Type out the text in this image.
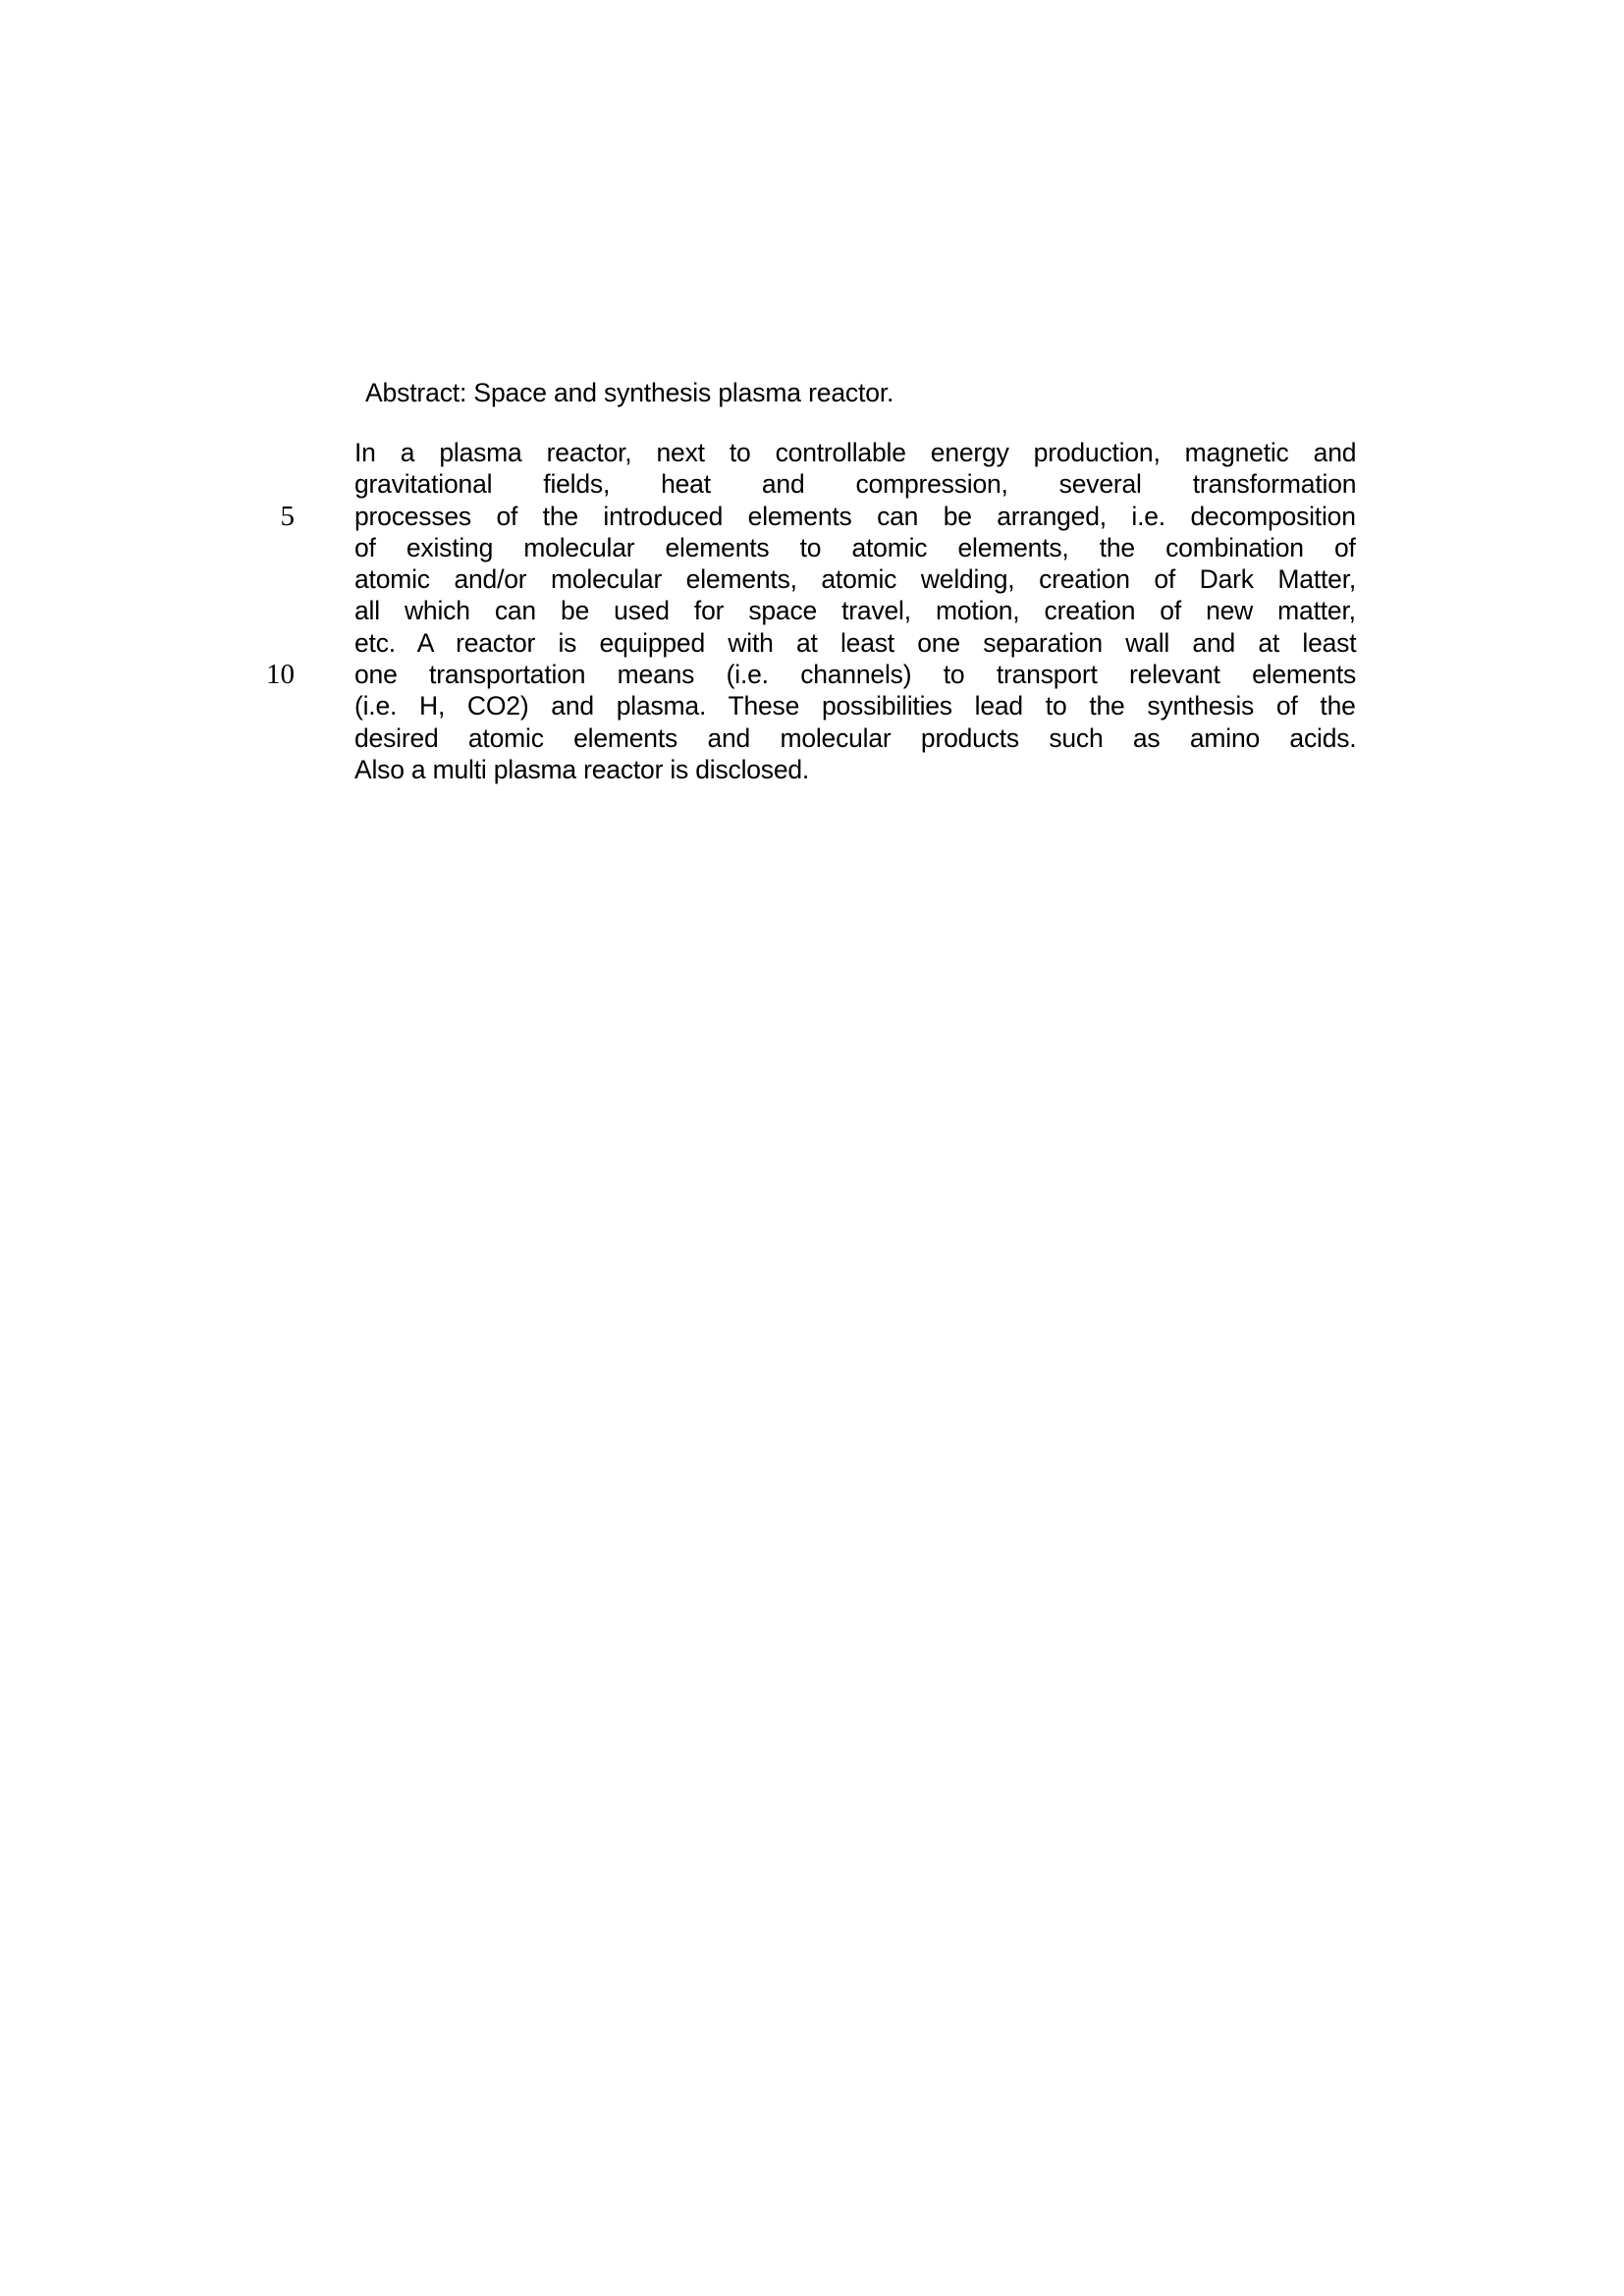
Abstract: Space and synthesis plasma reactor.
5
10
In a plasma reactor, next to controllable energy production, magnetic and
gravitational fields, heat and compression, several transformation
processes of the introduced elements can be arranged, i.e. decomposition
of existing molecular elements to atomic elements, the combination of
atomic and/or molecular elements, atomic welding, creation of Dark Matter,
all which can be used for space travel, motion, creation of new matter,
etc. A reactor is equipped with at least one separation wall and at least
one transportation means (i.e. channels) to transport relevant elements
(i.e. H, CO2) and plasma. These possibilities lead to the synthesis of the
desired atomic elements and molecular products such as amino acids.
Also a multi plasma reactor is disclosed.
